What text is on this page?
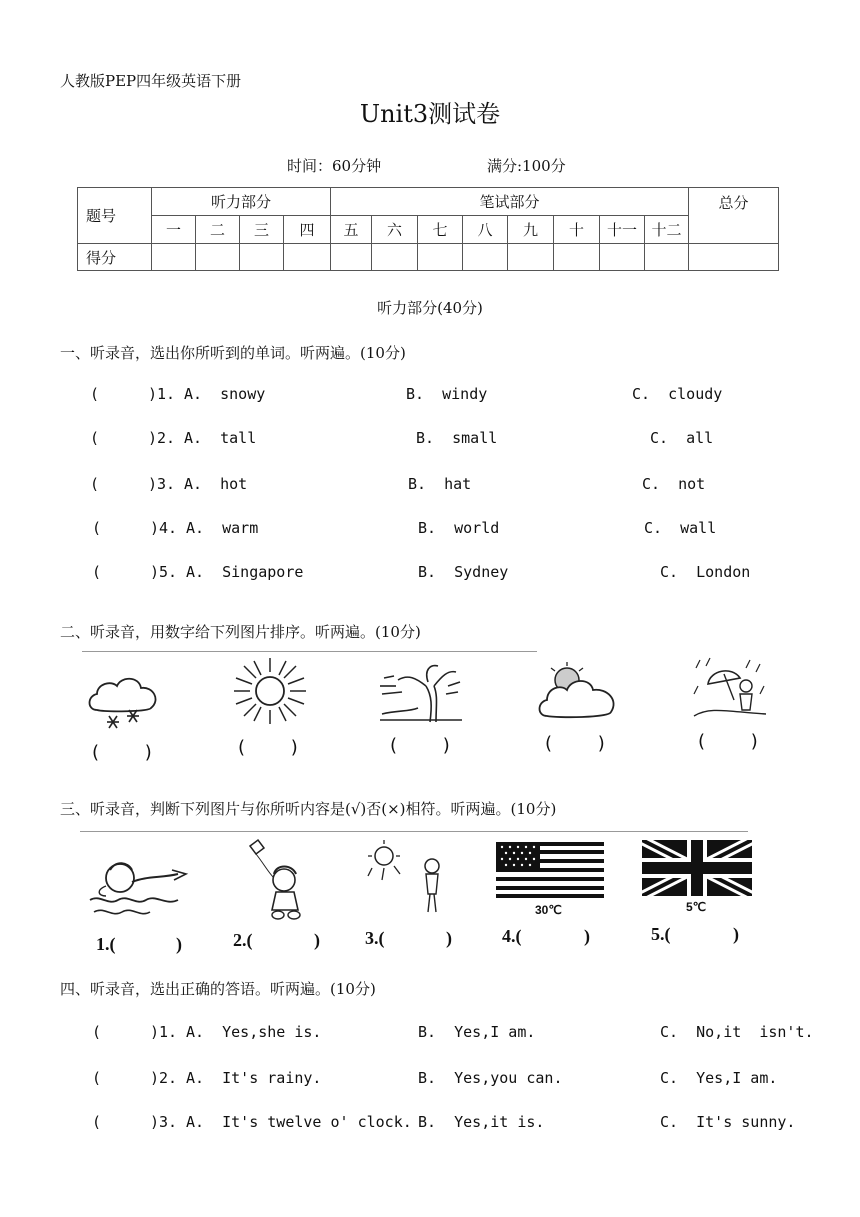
人教版PEP四年级英语下册
Unit3测试卷
时间：60分钟	满分:100分
题号	听力部分				笔试部分								总分
	一	二	三	四	五	六	七	八	九	十	十一	十二	
得分													
听力部分(40分)
一、听录音，选出你所听到的单词。听两遍。(10分)
(	)1. A.  snowy	B.  windy	C.  cloudy
(	)2. A.  tall	B.  small	C.  all
(	)3. A.  hot	B.  hat	C.  not
(	)4. A.  warm	B.  world	C.  wall
(	)5. A.  Singapore	B.  Sydney	C.  London
二、听录音，用数字给下列图片排序。听两遍。(10分)
(        )	(        )	(        )	(        )	(        )
三、听录音，判断下列图片与你所听内容是(√)否(×)相符。听两遍。(10分)
30℃	5℃
1.(	)	2.(	)	3.(	)	4.(	)	5.(	)
四、听录音，选出正确的答语。听两遍。(10分)
(	)1. A.  Yes,she is.	B.  Yes,I am.	C.  No,it  isn't.
(	)2. A.  It's rainy.	B.  Yes,you can.	C.  Yes,I am.
(	)3. A.  It's twelve o' clock. B.  Yes,it is.	C.  It's sunny.
